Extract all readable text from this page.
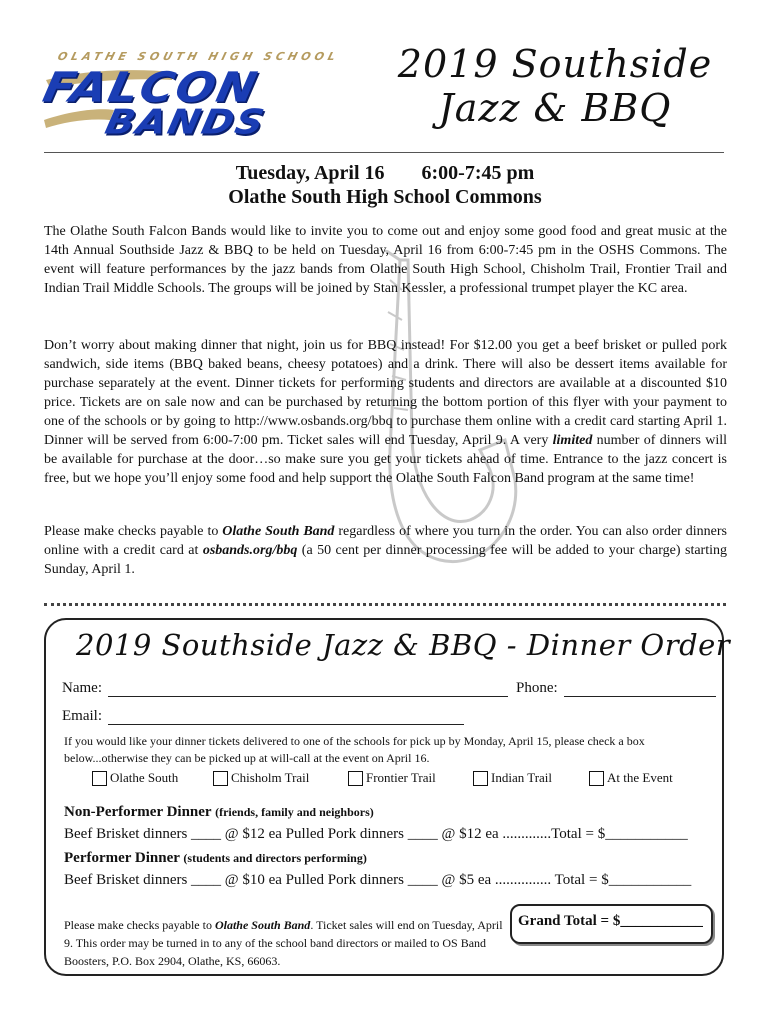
OLATHE SOUTH HIGH SCHOOL
FALCON
BANDS
2019 Southside
Jazz & BBQ
Tuesday, April 16 6:00-7:45 pm
Olathe South High School Commons
The Olathe South Falcon Bands would like to invite you to come out and enjoy some good food and great music at the 14th Annual Southside Jazz & BBQ to be held on Tuesday, April 16 from 6:00-7:45 pm in the OSHS Commons. The event will feature performances by the jazz bands from Olathe South High School, Chisholm Trail, Frontier Trail and Indian Trail Middle Schools. The groups will be joined by Stan Kessler, a professional trumpet player the KC area.
Don’t worry about making dinner that night, join us for BBQ instead! For $12.00 you get a beef brisket or pulled pork sandwich, side items (BBQ baked beans, cheesy potatoes) and a drink. There will also be dessert items available for purchase separately at the event. Dinner tickets for performing students and directors are available at a discounted $10 price. Tickets are on sale now and can be purchased by returning the bottom portion of this flyer with your payment to one of the schools or by going to http://www.osbands.org/bbq to purchase them online with a credit card starting April 1. Dinner will be served from 6:00-7:00 pm. Ticket sales will end Tuesday, April 9. A very limited number of dinners will be available for purchase at the door…so make sure you get your tickets ahead of time. Entrance to the jazz concert is free, but we hope you’ll enjoy some food and help support the Olathe South Falcon Band program at the same time!
Please make checks payable to Olathe South Band regardless of where you turn in the order. You can also order dinners online with a credit card at osbands.org/bbq (a 50 cent per dinner processing fee will be added to your charge) starting Sunday, April 1.
2019 Southside Jazz & BBQ - Dinner Order
Name:	Phone:
Email:
If you would like your dinner tickets delivered to one of the schools for pick up by Monday, April 15, please check a box below...otherwise they can be picked up at will-call at the event on April 16.
Olathe South	Chisholm Trail	Frontier Trail	Indian Trail	At the Event
Non-Performer Dinner (friends, family and neighbors)
Beef Brisket dinners ____ @ $12 ea Pulled Pork dinners ____ @ $12 ea .............Total = $___________
Performer Dinner (students and directors performing)
Beef Brisket dinners ____ @ $10 ea Pulled Pork dinners ____ @ $5 ea ............... Total = $___________
Please make checks payable to Olathe South Band. Ticket sales will end on Tuesday, April 9. This order may be turned in to any of the school band directors or mailed to OS Band Boosters, P.O. Box 2904, Olathe, KS, 66063.
Grand Total = $___________
